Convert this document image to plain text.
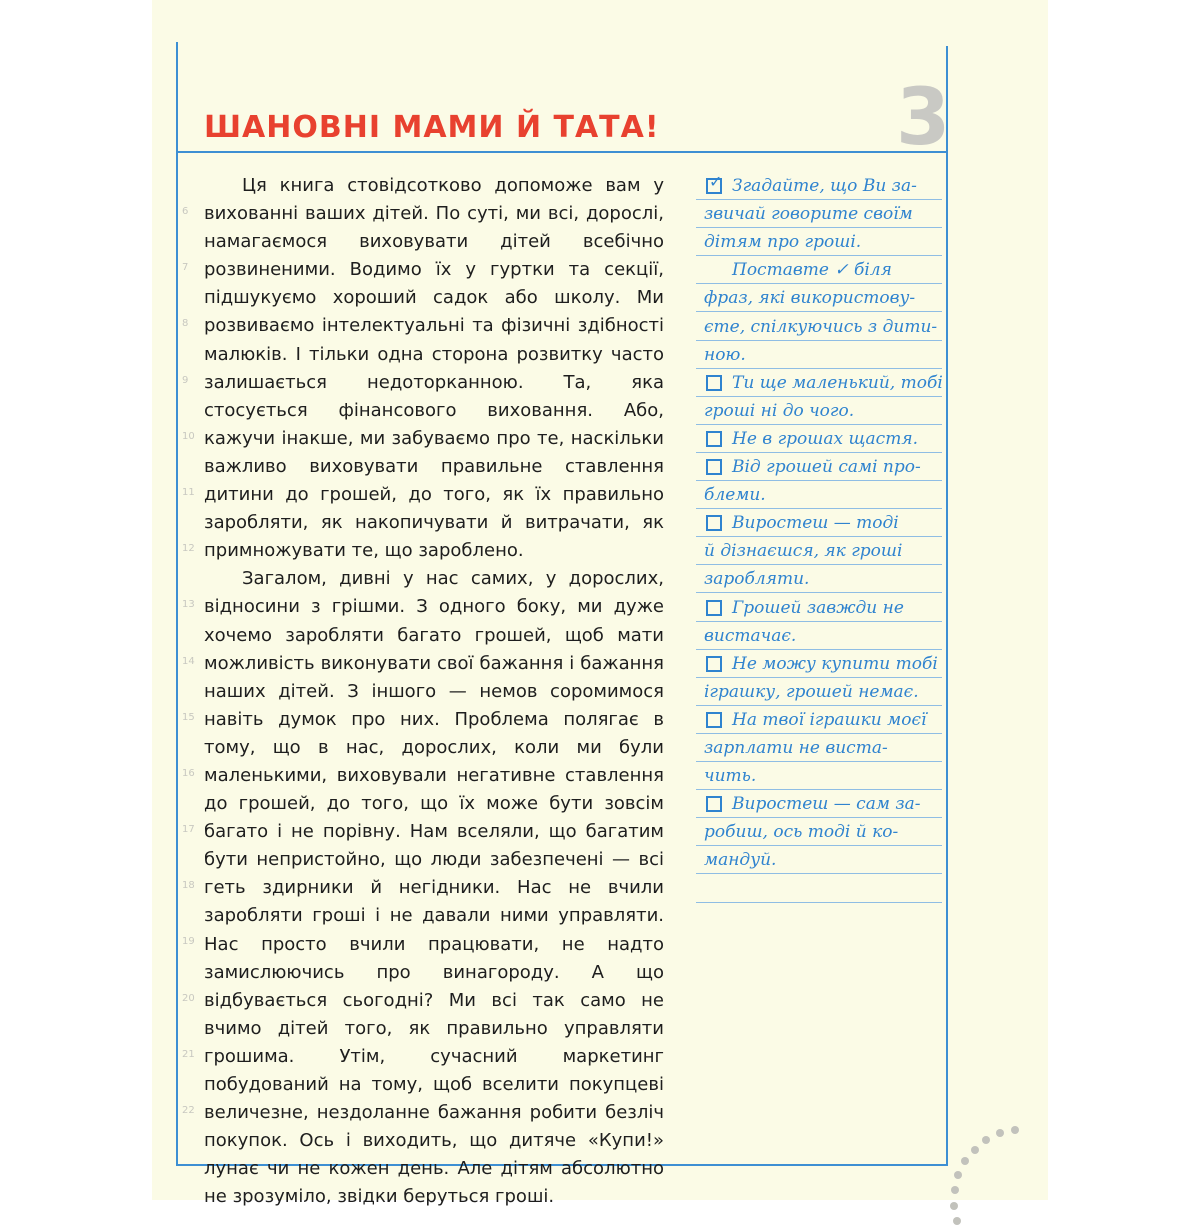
ШАНОВНІ МАМИ Й ТАТА!	3
6
7
8
9
10
11
12
13
14
15
16
17
18
19
20
21
22

Ця книга стовідсотково допоможе вам у вихованні ваших дітей. По суті, ми всі, дорослі, намагаємося виховувати дітей всебічно розвиненими. Водимо їх у гуртки та секції, підшукуємо хороший садок або школу. Ми розвиваємо інтелектуальні та фізичні здібності малюків. І тільки одна сторона розвитку часто залишається недоторканною. Та, яка стосується фінансового виховання. Або, кажучи інакше, ми забуваємо про те, наскільки важливо виховувати правильне ставлення дитини до грошей, до того, як їх правильно заробляти, як накопичувати й витрачати, як примножувати те, що зароблено.

Загалом, дивні у нас самих, у дорослих, відносини з грішми. З одного боку, ми дуже хочемо заробляти багато грошей, щоб мати можливість виконувати свої бажання і бажання наших дітей. З іншого — немов соромимося навіть думок про них. Проблема полягає в тому, що в нас, дорослих, коли ми були маленькими, виховували негативне ставлення до грошей, до того, що їх може бути зовсім багато і не порівну. Нам вселяли, що багатим бути непристойно, що люди забезпечені — всі геть здирники й негідники. Нас не вчили заробляти гроші і не давали ними управляти. Нас просто вчили працювати, не надто замислюючись про винагороду. А що відбувається сьогодні? Ми всі так само не вчимо дітей того, як правильно управляти грошима. Утім, сучасний маркетинг побудований на тому, щоб вселити покупцеві величезне, нездоланне бажання робити безліч покупок. Ось і виходить, що дитяче «Купи!» лунає чи не кожен день. Але дітям абсолютно не зрозуміло, звідки беруться гроші.

✓ Згадайте, що Ви за-
звичай говорите своїм
дітям про гроші.
Поставте ✓ біля
фраз, які використову-
єте, спілкуючись з дити-
ною.
Ти ще маленький, тобі
гроші ні до чого.
Не в грошах щастя.
Від грошей самі про-
блеми.
Виростеш — тоді
й дізнаєшся, як гроші
заробляти.
Грошей завжди не
вистачає.
Не можу купити тобі
іграшку, грошей немає.
На твої іграшки моєї
зарплати не виста-
чить.
Виростеш — сам за-
робиш, ось тоді й ко-
мандуй.
